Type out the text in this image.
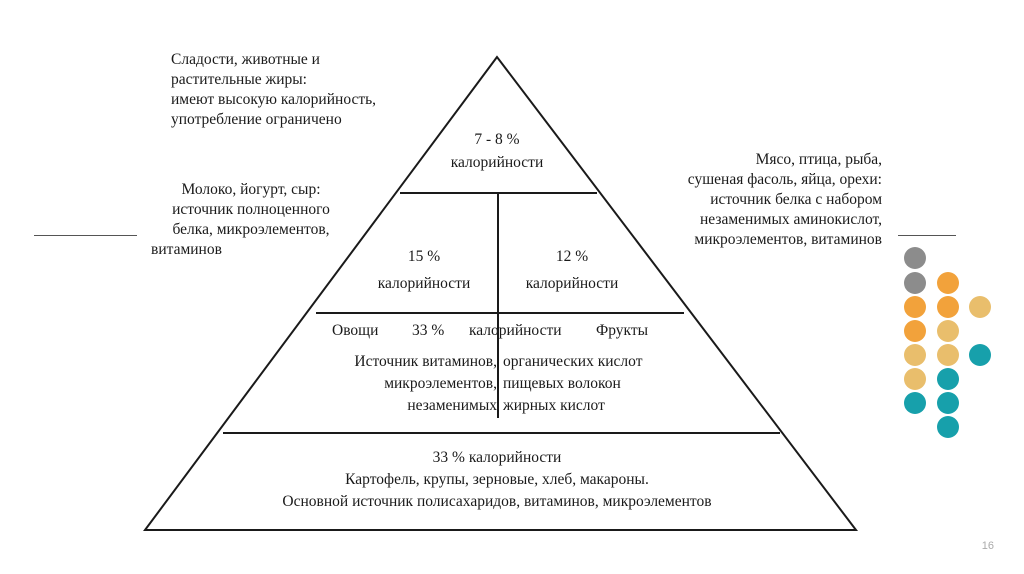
Сладости, животные и
растительные жиры:
имеют высокую калорийность,
употребление ограничено
Молоко, йогурт, сыр:
источник полноценного
белка, микроэлементов,
витаминов
Мясо, птица, рыба,
сушеная фасоль, яйца, орехи:
источник белка с набором
незаменимых аминокислот,
микроэлементов, витаминов
7 - 8 %
калорийности
15 %
калорийности
12 %
калорийности
Овощи 33 % калорийности Фрукты
Источник витаминов,
микроэлементов,
незаменимых
органических кислот
пищевых волокон
жирных кислот
33 % калорийности
Картофель, крупы, зерновые, хлеб, макароны.
Основной источник полисахаридов, витаминов, микроэлементов
16
